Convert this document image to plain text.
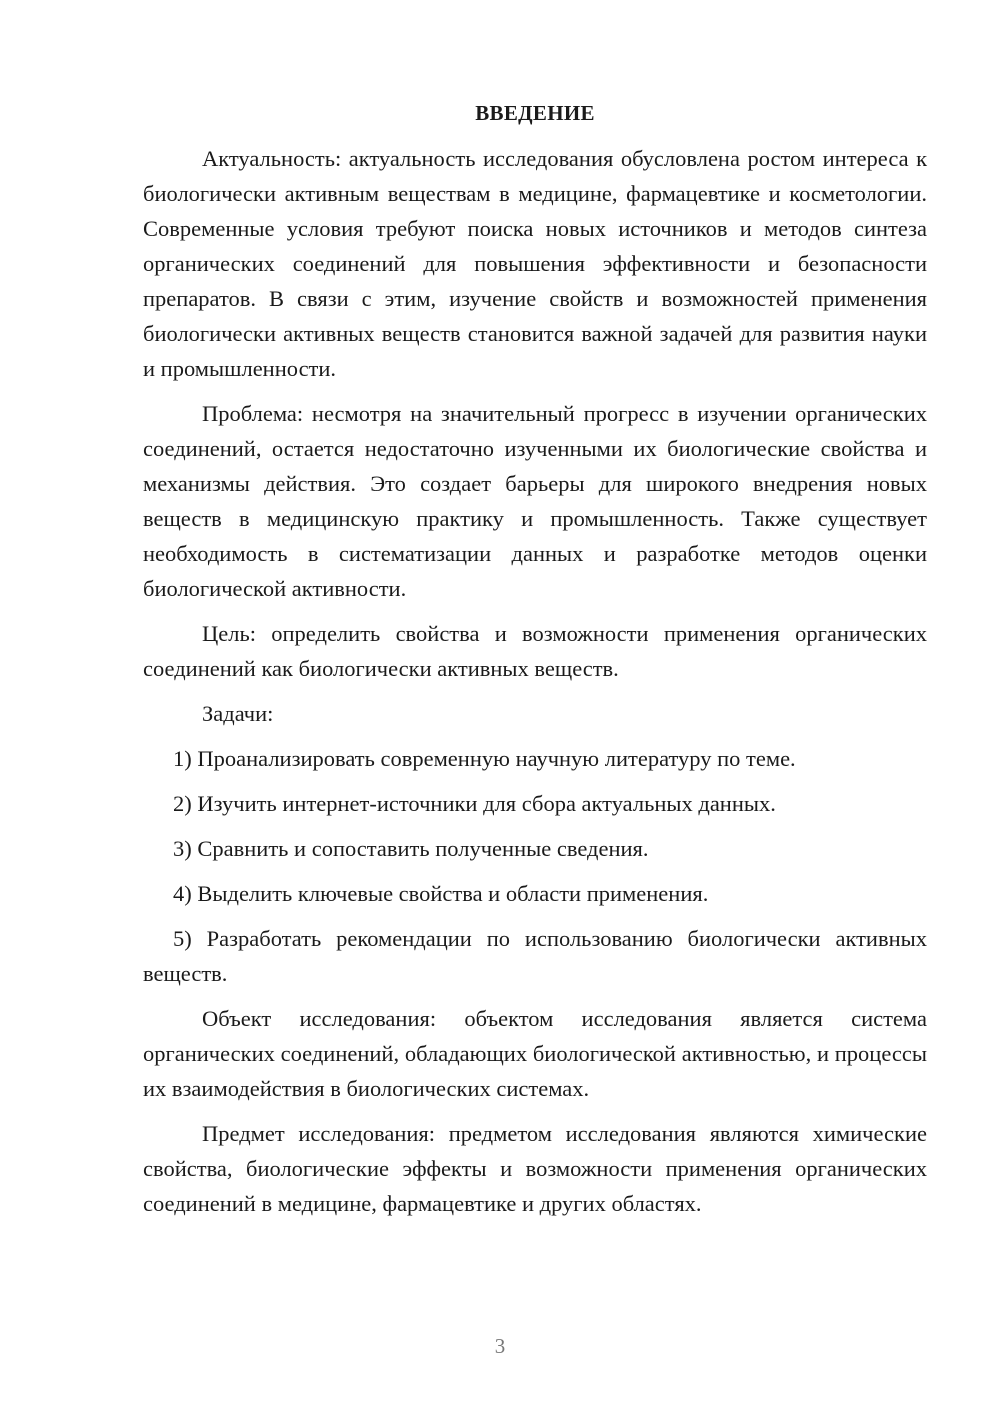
ВВЕДЕНИЕ

Актуальность: актуальность исследования обусловлена ростом интереса к биологически активным веществам в медицине, фармацевтике и косметологии. Современные условия требуют поиска новых источников и методов синтеза органических соединений для повышения эффективности и безопасности препаратов. В связи с этим, изучение свойств и возможностей применения биологически активных веществ становится важной задачей для развития науки и промышленности.

Проблема: несмотря на значительный прогресс в изучении органических соединений, остается недостаточно изученными их биологические свойства и механизмы действия. Это создает барьеры для широкого внедрения новых веществ в медицинскую практику и промышленность. Также существует необходимость в систематизации данных и разработке методов оценки биологической активности.

Цель: определить свойства и возможности применения органических соединений как биологически активных веществ.

Задачи:

1) Проанализировать современную научную литературу по теме.

2) Изучить интернет-источники для сбора актуальных данных.

3) Сравнить и сопоставить полученные сведения.

4) Выделить ключевые свойства и области применения.

5) Разработать рекомендации по использованию биологически активных веществ.

Объект исследования: объектом исследования является система органических соединений, обладающих биологической активностью, и процессы их взаимодействия в биологических системах.

Предмет исследования: предметом исследования являются химические свойства, биологические эффекты и возможности применения органических соединений в медицине, фармацевтике и других областях.

3
